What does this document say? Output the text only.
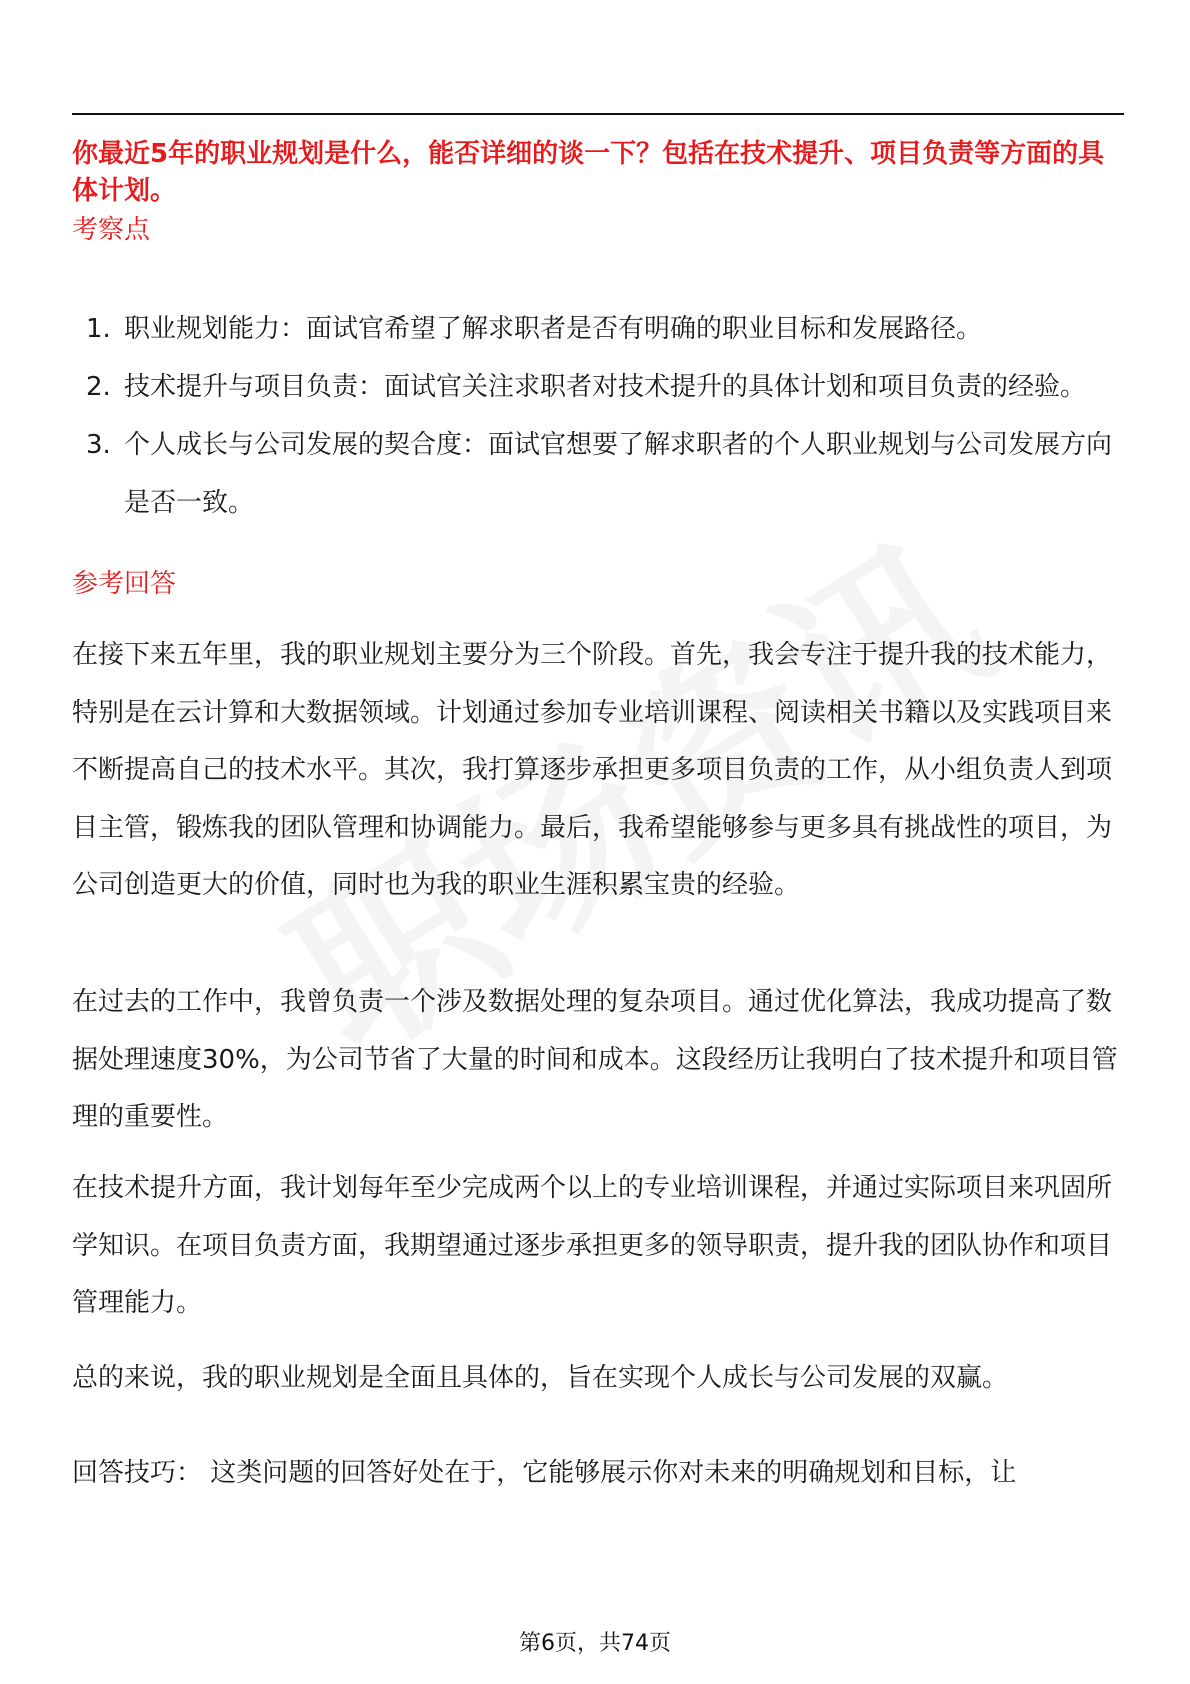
你最近5年的职业规划是什么，能否详细的谈一下？包括在技术提升、项目负责等方面的具体计划。

考察点
1. 职业规划能力：面试官希望了解求职者是否有明确的职业目标和发展路径。
2. 技术提升与项目负责：面试官关注求职者对技术提升的具体计划和项目负责的经验。
3. 个人成长与公司发展的契合度：面试官想要了解求职者的个人职业规划与公司发展方向是否一致。
参考回答

在接下来五年里，我的职业规划主要分为三个阶段。首先，我会专注于提升我的技术能力，特别是在云计算和大数据领域。计划通过参加专业培训课程、阅读相关书籍以及实践项目来不断提高自己的技术水平。其次，我打算逐步承担更多项目负责的工作，从小组负责人到项目主管，锻炼我的团队管理和协调能力。最后，我希望能够参与更多具有挑战性的项目，为公司创造更大的价值，同时也为我的职业生涯积累宝贵的经验。

在过去的工作中，我曾负责一个涉及数据处理的复杂项目。通过优化算法，我成功提高了数据处理速度30%，为公司节省了大量的时间和成本。这段经历让我明白了技术提升和项目管理的重要性。

在技术提升方面，我计划每年至少完成两个以上的专业培训课程，并通过实际项目来巩固所学知识。在项目负责方面，我期望通过逐步承担更多的领导职责，提升我的团队协作和项目管理能力。

总的来说，我的职业规划是全面且具体的，旨在实现个人成长与公司发展的双赢。

回答技巧： 这类问题的回答好处在于，它能够展示你对未来的明确规划和目标，让

第6页，共74页
